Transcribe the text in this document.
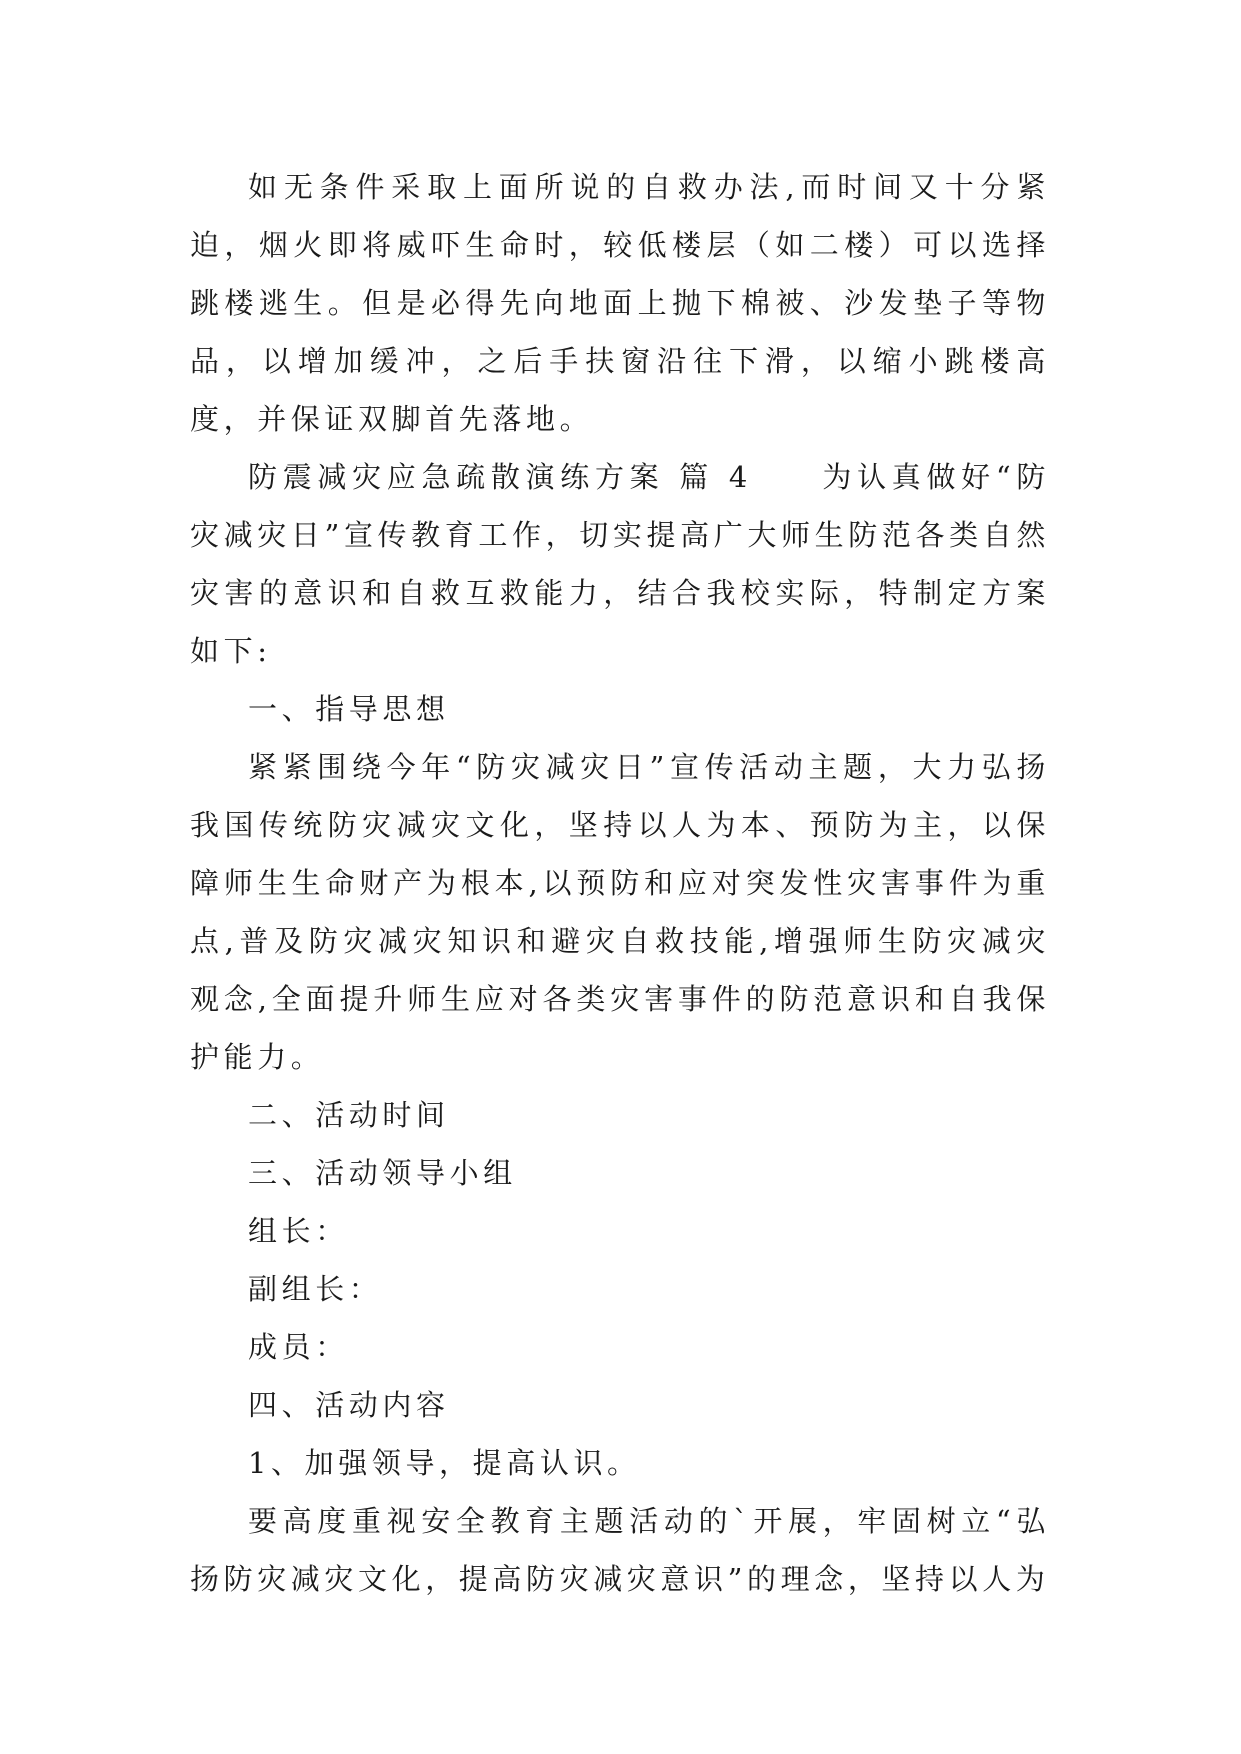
如无条件采取上面所说的自救办法,而时间又十分紧迫，烟火即将威吓生命时，较低楼层（如二楼）可以选择跳楼逃生。但是必得先向地面上抛下棉被、沙发垫子等物品，以增加缓冲，之后手扶窗沿往下滑，以缩小跳楼高度，并保证双脚首先落地。

防震减灾应急疏散演练方案 篇 4　　为认真做好“防灾减灾日”宣传教育工作，切实提高广大师生防范各类自然灾害的意识和自救互救能力，结合我校实际，特制定方案如下:

一、指导思想

紧紧围绕今年“防灾减灾日”宣传活动主题，大力弘扬我国传统防灾减灾文化，坚持以人为本、预防为主，以保障师生生命财产为根本,以预防和应对突发性灾害事件为重点,普及防灾减灾知识和避灾自救技能,增强师生防灾减灾观念,全面提升师生应对各类灾害事件的防范意识和自我保护能力。

二、活动时间

三、活动领导小组

组长：

副组长：

成员：

四、活动内容

1、加强领导，提高认识。

要高度重视安全教育主题活动的`开展，牢固树立“弘扬防灾减灾文化，提高防灾减灾意识”的理念，坚持以人为
